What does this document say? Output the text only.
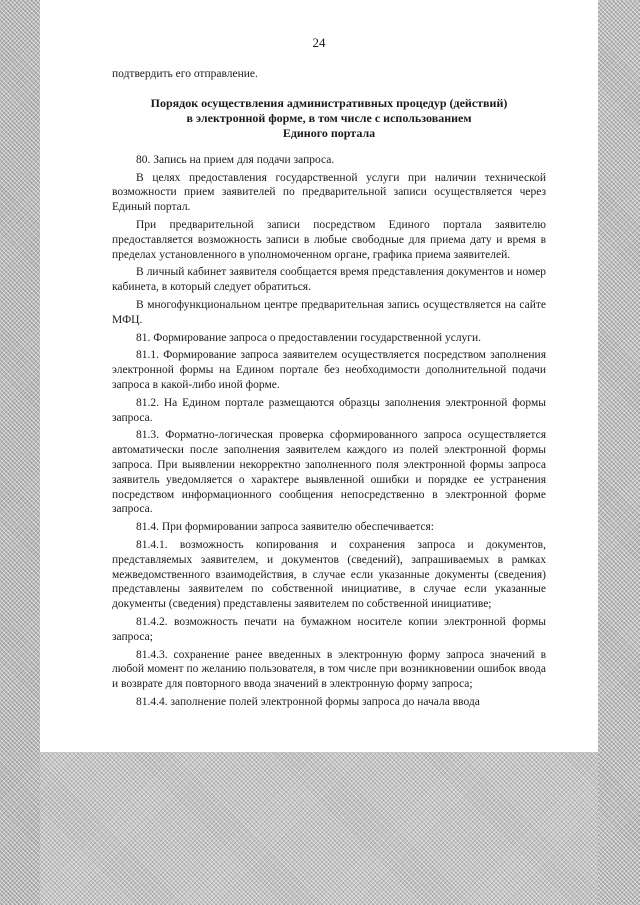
24

подтвердить его отправление.

Порядок осуществления административных процедур (действий)
в электронной форме, в том числе с использованием
Единого портала

80. Запись на прием для подачи запроса.

В целях предоставления государственной услуги при наличии технической возможности прием заявителей по предварительной записи осуществляется через Единый портал.

При предварительной записи посредством Единого портала заявителю предоставляется возможность записи в любые свободные для приема дату и время в пределах установленного в уполномоченном органе, графика приема заявителей.

В личный кабинет заявителя сообщается время представления документов и номер кабинета, в который следует обратиться.

В многофункциональном центре предварительная запись осуществляется на сайте МФЦ.

81. Формирование запроса о предоставлении государственной услуги.

81.1. Формирование запроса заявителем осуществляется посредством заполнения электронной формы на Едином портале без необходимости дополнительной подачи запроса в какой-либо иной форме.

81.2. На Едином портале размещаются образцы заполнения электронной формы запроса.

81.3. Форматно-логическая проверка сформированного запроса осуществляется автоматически после заполнения заявителем каждого из полей электронной формы запроса. При выявлении некорректно заполненного поля электронной формы запроса заявитель уведомляется о характере выявленной ошибки и порядке ее устранения посредством информационного сообщения непосредственно в электронной форме запроса.

81.4. При формировании запроса заявителю обеспечивается:

81.4.1. возможность копирования и сохранения запроса и документов, представляемых заявителем, и документов (сведений), запрашиваемых в рамках межведомственного взаимодействия, в случае если указанные документы (сведения) представлены заявителем по собственной инициативе, в случае если указанные документы (сведения) представлены заявителем по собственной инициативе;

81.4.2. возможность печати на бумажном носителе копии электронной формы запроса;

81.4.3. сохранение ранее введенных в электронную форму запроса значений в любой момент по желанию пользователя, в том числе при возникновении ошибок ввода и возврате для повторного ввода значений в электронную форму запроса;

81.4.4. заполнение полей электронной формы запроса до начала ввода
